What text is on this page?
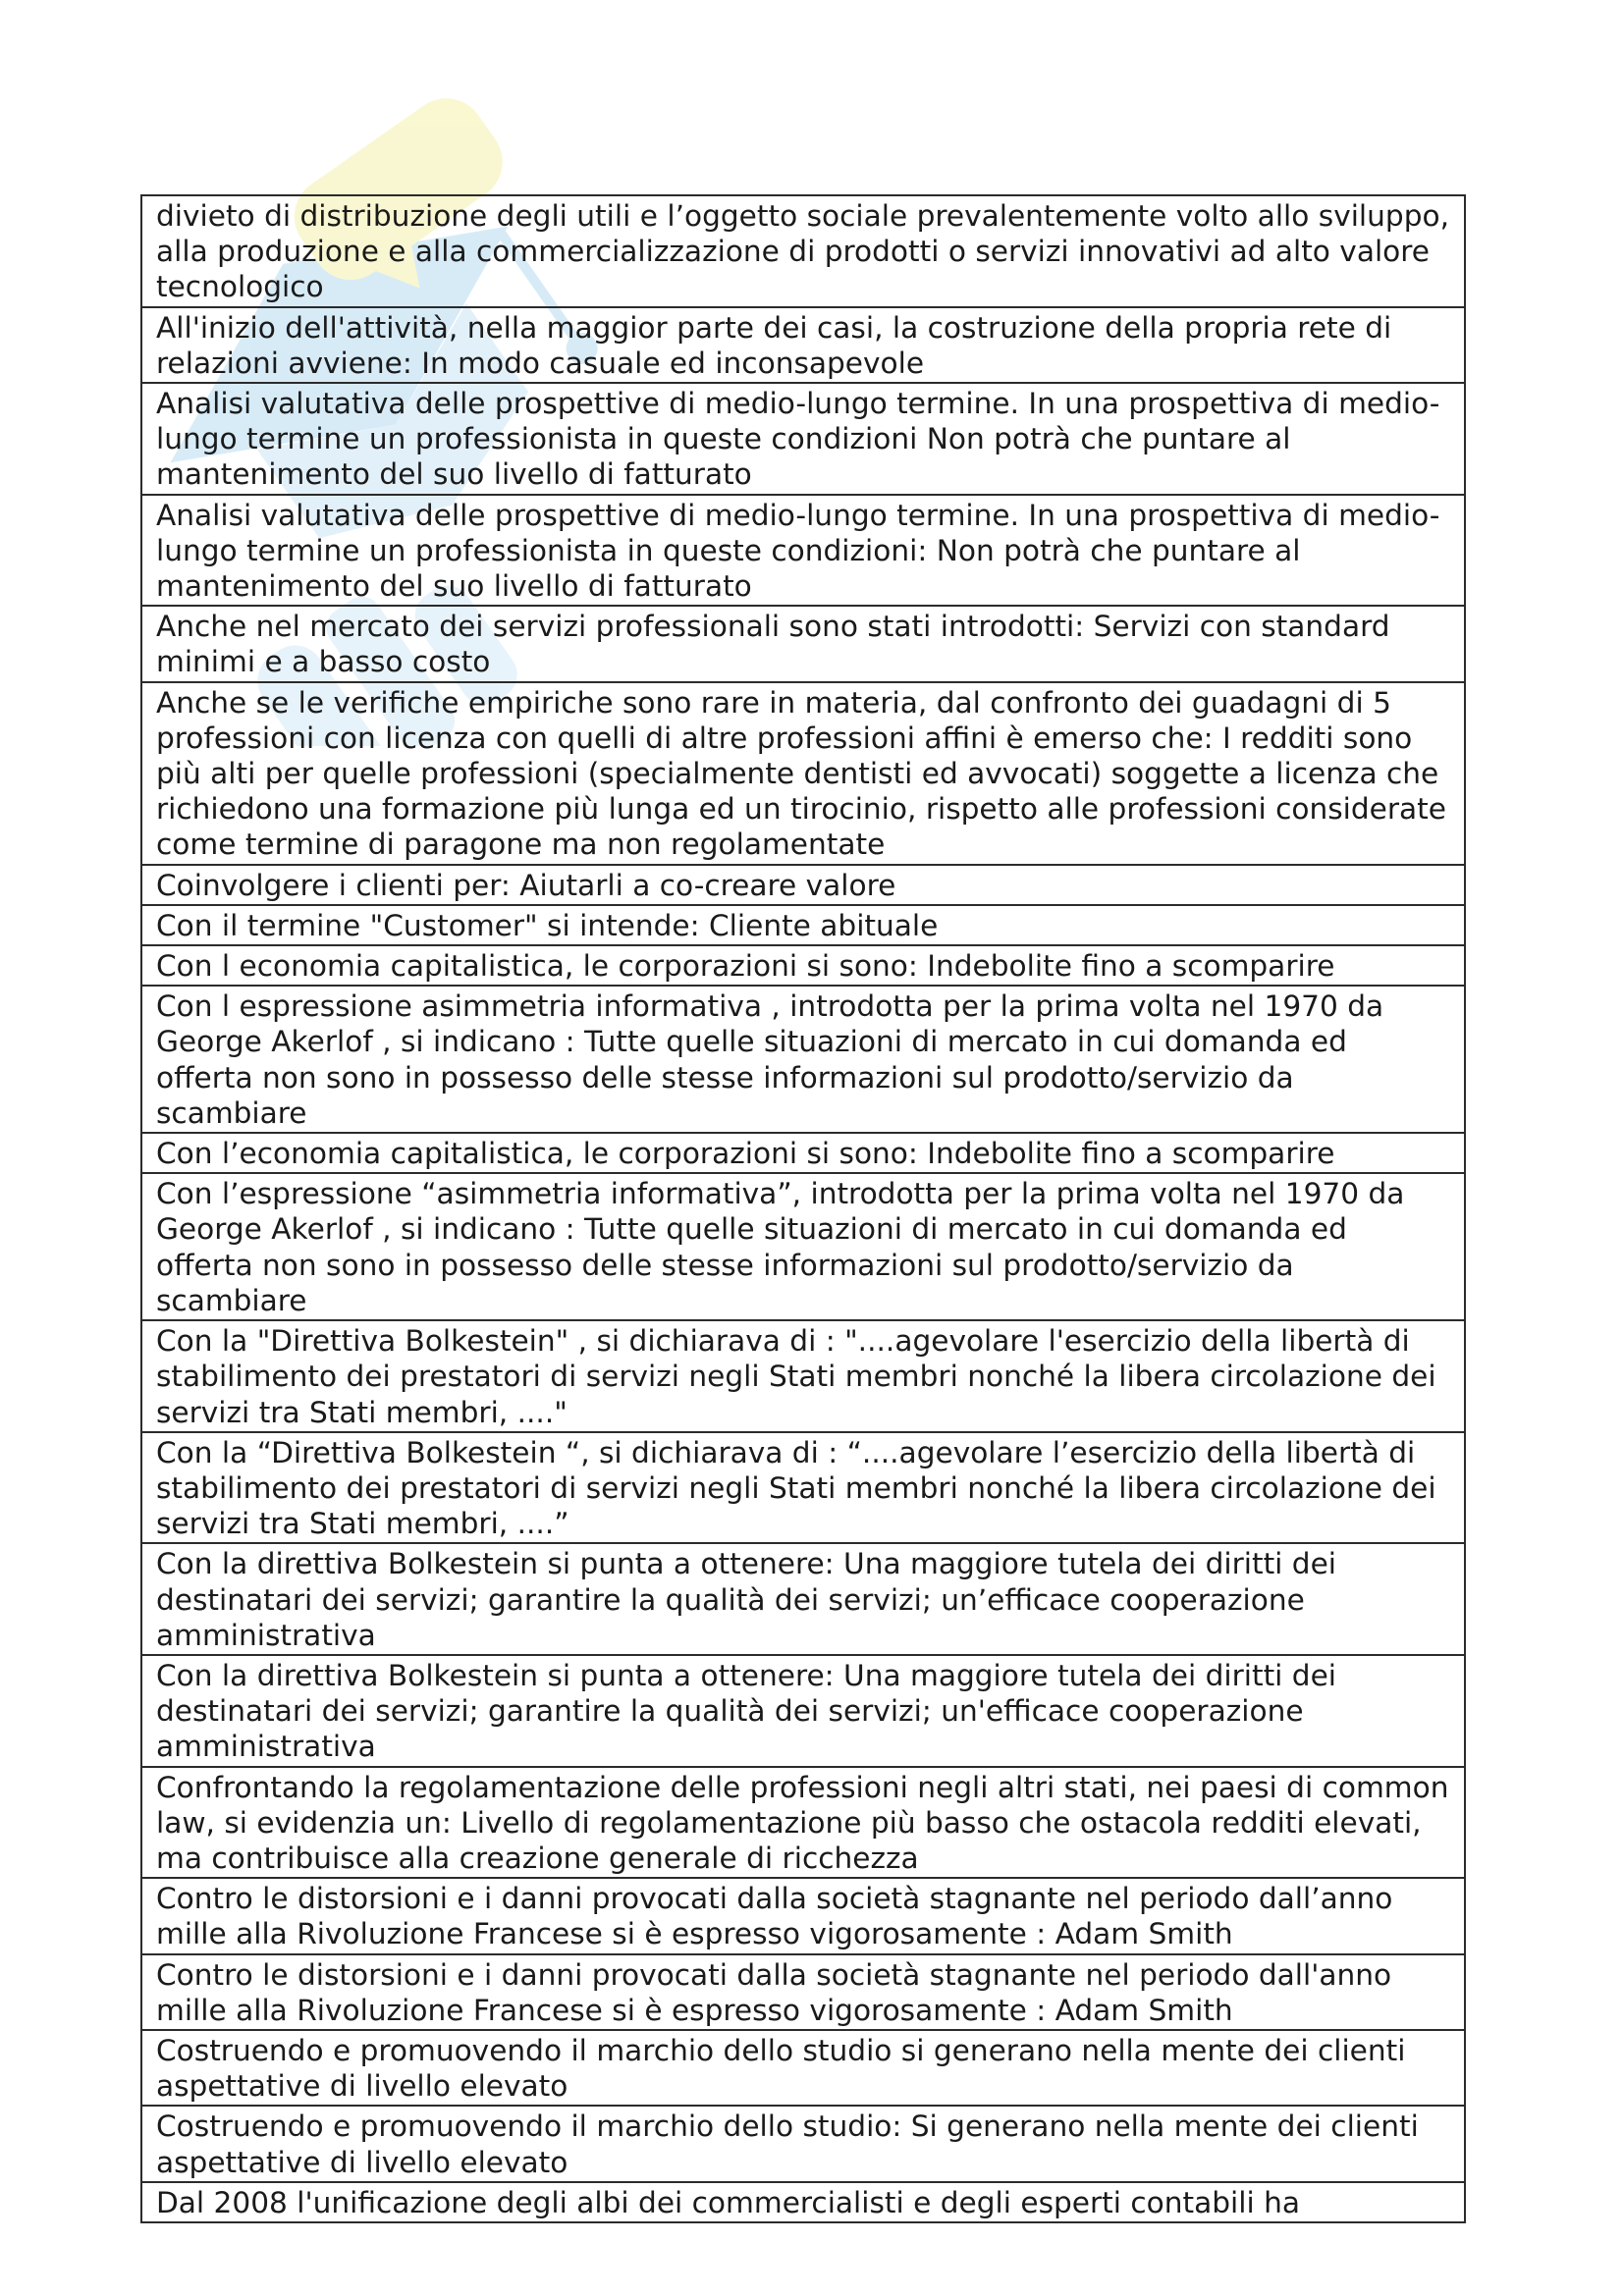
divieto di distribuzione degli utili e l’oggetto sociale prevalentemente volto allo sviluppo, alla produzione e alla commercializzazione di prodotti o servizi innovativi ad alto valore tecnologico
All'inizio dell'attività, nella maggior parte dei casi, la costruzione della propria rete di relazioni avviene: In modo casuale ed inconsapevole
Analisi valutativa delle prospettive di medio-lungo termine. In una prospettiva di medio-lungo termine un professionista in queste condizioni Non potrà che puntare al mantenimento del suo livello di fatturato
Analisi valutativa delle prospettive di medio-lungo termine. In una prospettiva di medio-lungo termine un professionista in queste condizioni: Non potrà che puntare al mantenimento del suo livello di fatturato
Anche nel mercato dei servizi professionali sono stati introdotti: Servizi con standard minimi e a basso costo
Anche se le verifiche empiriche sono rare in materia, dal confronto dei guadagni di 5 professioni con licenza con quelli di altre professioni affini è emerso che: I redditi sono più alti per quelle professioni (specialmente dentisti ed avvocati) soggette a licenza che richiedono una formazione più lunga ed un tirocinio, rispetto alle professioni considerate come termine di paragone ma non regolamentate
Coinvolgere i clienti per: Aiutarli a co-creare valore
Con il termine "Customer" si intende: Cliente abituale
Con l economia capitalistica, le corporazioni si sono: Indebolite fino a scomparire
Con l espressione asimmetria informativa , introdotta per la prima volta nel 1970 da George Akerlof , si indicano : Tutte quelle situazioni di mercato in cui domanda ed offerta non sono in possesso delle stesse informazioni sul prodotto/servizio da scambiare
Con l’economia capitalistica, le corporazioni si sono: Indebolite fino a scomparire
Con l’espressione “asimmetria informativa”, introdotta per la prima volta nel 1970 da George Akerlof , si indicano : Tutte quelle situazioni di mercato in cui domanda ed offerta non sono in possesso delle stesse informazioni sul prodotto/servizio da scambiare
Con la "Direttiva Bolkestein" , si dichiarava di : "....agevolare l'esercizio della libertà di stabilimento dei prestatori di servizi negli Stati membri nonché la libera circolazione dei servizi tra Stati membri, ...."
Con la “Direttiva Bolkestein “, si dichiarava di : “....agevolare l’esercizio della libertà di stabilimento dei prestatori di servizi negli Stati membri nonché la libera circolazione dei servizi tra Stati membri, ....”
Con la direttiva Bolkestein si punta a ottenere: Una maggiore tutela dei diritti dei destinatari dei servizi; garantire la qualità dei servizi; un’efficace cooperazione amministrativa
Con la direttiva Bolkestein si punta a ottenere: Una maggiore tutela dei diritti dei destinatari dei servizi; garantire la qualità dei servizi; un'efficace cooperazione amministrativa
Confrontando la regolamentazione delle professioni negli altri stati, nei paesi di common law, si evidenzia un: Livello di regolamentazione più basso che ostacola redditi elevati, ma contribuisce alla creazione generale di ricchezza
Contro le distorsioni e i danni provocati dalla società stagnante nel periodo dall’anno mille alla Rivoluzione Francese si è espresso vigorosamente : Adam Smith
Contro le distorsioni e i danni provocati dalla società stagnante nel periodo dall'anno mille alla Rivoluzione Francese si è espresso vigorosamente : Adam Smith
Costruendo e promuovendo il marchio dello studio si generano nella mente dei clienti aspettative di livello elevato
Costruendo e promuovendo il marchio dello studio: Si generano nella mente dei clienti aspettative di livello elevato
Dal 2008 l'unificazione degli albi dei commercialisti e degli esperti contabili ha
